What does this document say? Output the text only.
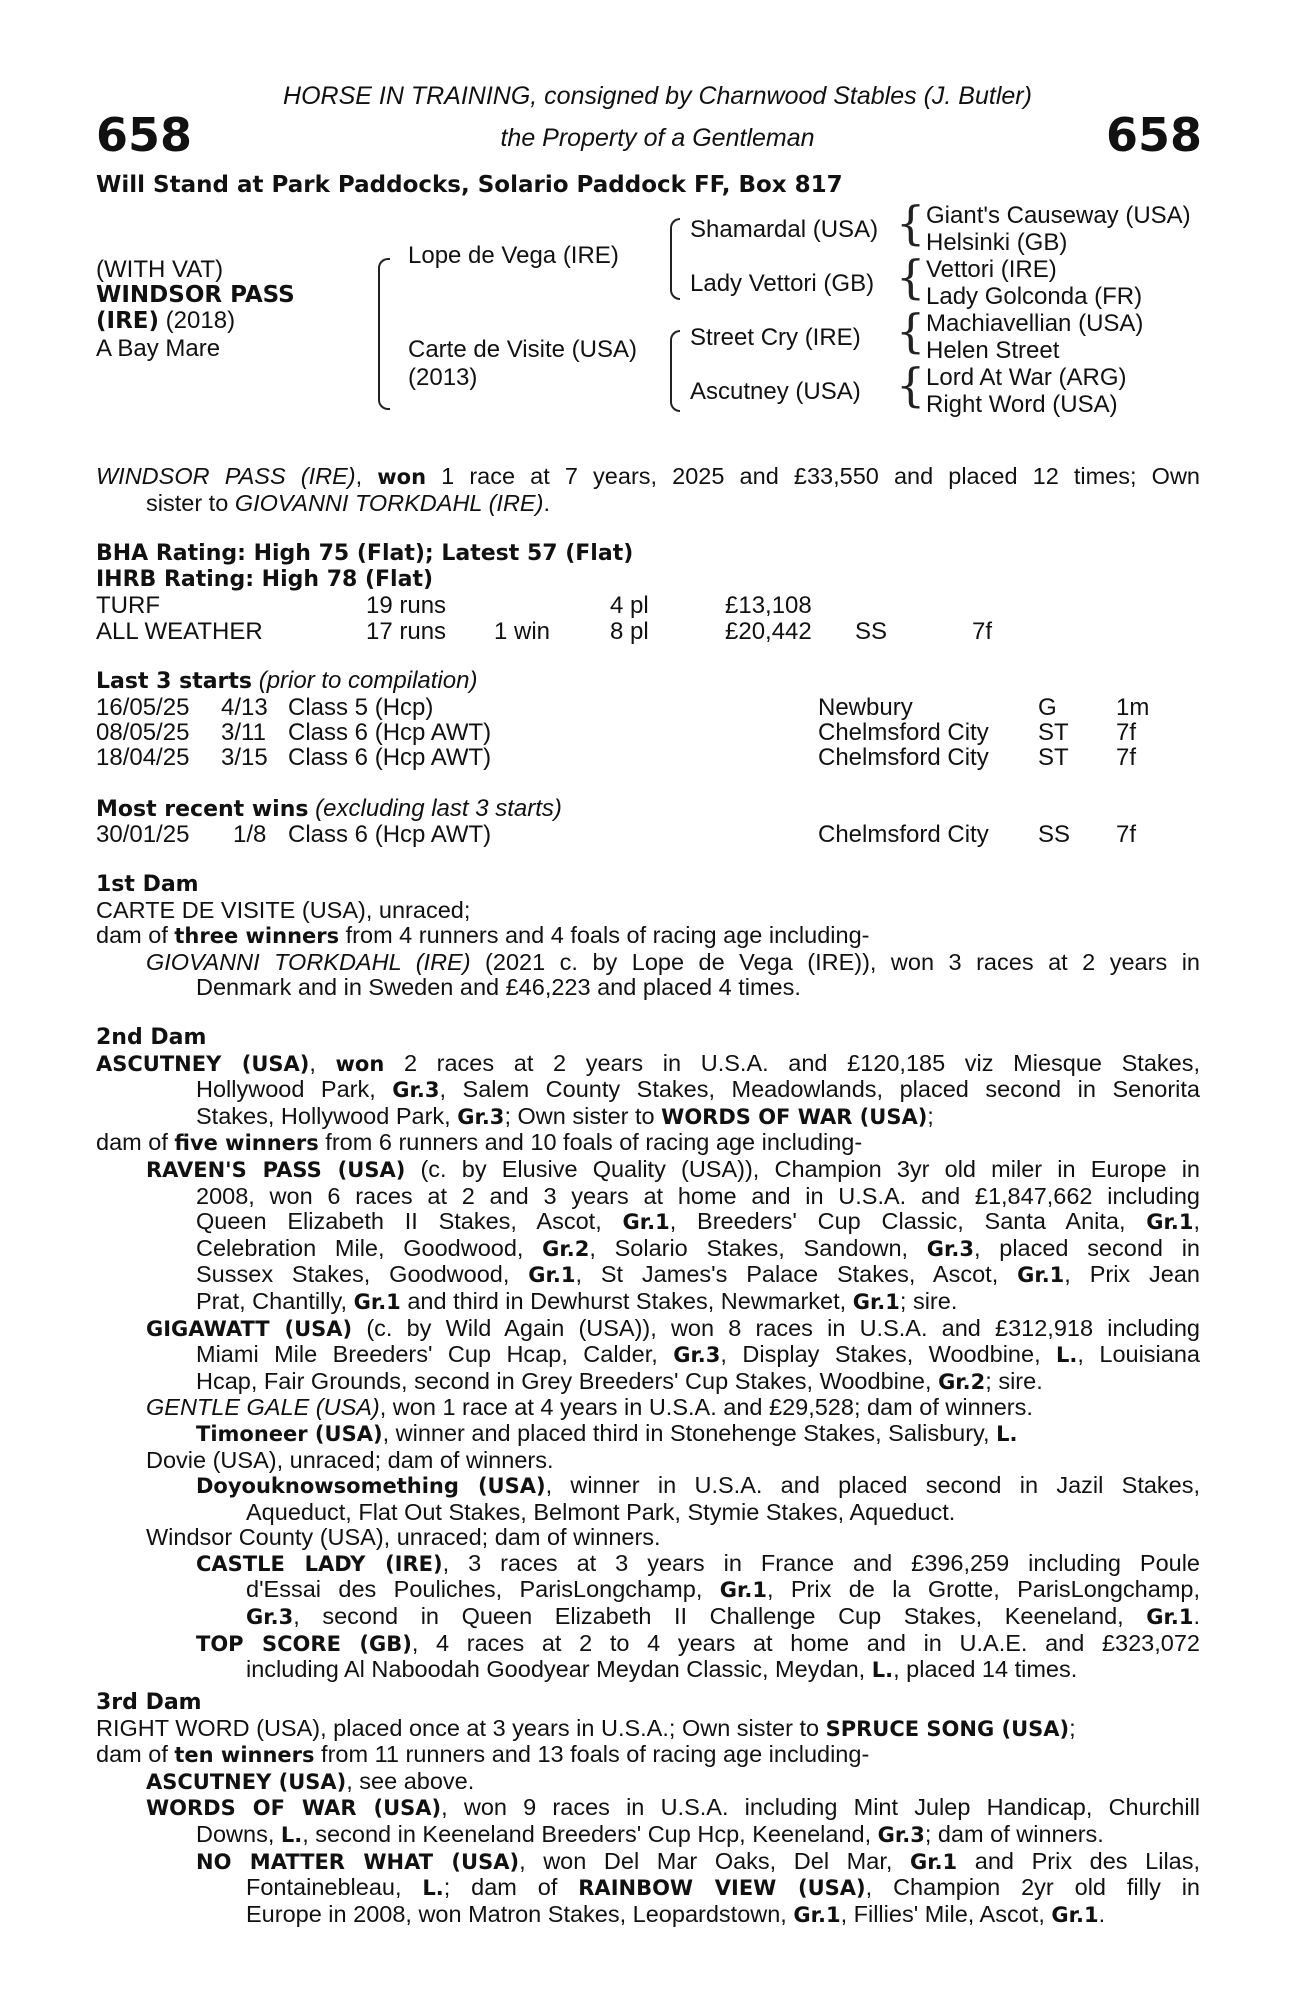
658	658
HORSE IN TRAINING, consigned by Charnwood Stables (J. Butler)
the Property of a Gentleman
Will Stand at Park Paddocks, Solario Paddock FF, Box 817
(WITH VAT)
WINDSOR PASS
(IRE) (2018)
A Bay Mare
Lope de Vega (IRE)
Carte de Visite (USA)
(2013)
Shamardal (USA)
Lady Vettori (GB)
Street Cry (IRE)
Ascutney (USA)
{
{
{
{
Giant's Causeway (USA)
Helsinki (GB)
Vettori (IRE)
Lady Golconda (FR)
Machiavellian (USA)
Helen Street
Lord At War (ARG)
Right Word (USA)
WINDSOR PASS (IRE), won 1 race at 7 years, 2025 and £33,550 and placed 12 times; Own
sister to GIOVANNI TORKDAHL (IRE).
BHA Rating: High 75 (Flat); Latest 57 (Flat)
IHRB Rating: High 78 (Flat)
TURF	19 runs	4 pl	£13,108
ALL WEATHER	17 runs 1 win 8 pl	£20,442 SS	7f
Last 3 starts (prior to compilation)
16/05/25 4/13 Class 5 (Hcp)	Newbury	G 1m
08/05/25 3/11 Class 6 (Hcp AWT)	Chelmsford City ST 7f
18/04/25 3/15 Class 6 (Hcp AWT)	Chelmsford City ST 7f
Most recent wins (excluding last 3 starts)
30/01/25 1/8 Class 6 (Hcp AWT)	Chelmsford City SS 7f
1st Dam
CARTE DE VISITE (USA), unraced;
dam of three winners from 4 runners and 4 foals of racing age including-
GIOVANNI TORKDAHL (IRE) (2021 c. by Lope de Vega (IRE)), won 3 races at 2 years in
Denmark and in Sweden and £46,223 and placed 4 times.
2nd Dam
ASCUTNEY (USA), won 2 races at 2 years in U.S.A. and £120,185 viz Miesque Stakes,
Hollywood Park, Gr.3, Salem County Stakes, Meadowlands, placed second in Senorita
Stakes, Hollywood Park, Gr.3; Own sister to WORDS OF WAR (USA);
dam of five winners from 6 runners and 10 foals of racing age including-
RAVEN'S PASS (USA) (c. by Elusive Quality (USA)), Champion 3yr old miler in Europe in
2008, won 6 races at 2 and 3 years at home and in U.S.A. and £1,847,662 including
Queen Elizabeth II Stakes, Ascot, Gr.1, Breeders' Cup Classic, Santa Anita, Gr.1,
Celebration Mile, Goodwood, Gr.2, Solario Stakes, Sandown, Gr.3, placed second in
Sussex Stakes, Goodwood, Gr.1, St James's Palace Stakes, Ascot, Gr.1, Prix Jean
Prat, Chantilly, Gr.1 and third in Dewhurst Stakes, Newmarket, Gr.1; sire.
GIGAWATT (USA) (c. by Wild Again (USA)), won 8 races in U.S.A. and £312,918 including
Miami Mile Breeders' Cup Hcap, Calder, Gr.3, Display Stakes, Woodbine, L., Louisiana
Hcap, Fair Grounds, second in Grey Breeders' Cup Stakes, Woodbine, Gr.2; sire.
GENTLE GALE (USA), won 1 race at 4 years in U.S.A. and £29,528; dam of winners.
Timoneer (USA), winner and placed third in Stonehenge Stakes, Salisbury, L.
Dovie (USA), unraced; dam of winners.
Doyouknowsomething (USA), winner in U.S.A. and placed second in Jazil Stakes,
Aqueduct, Flat Out Stakes, Belmont Park, Stymie Stakes, Aqueduct.
Windsor County (USA), unraced; dam of winners.
CASTLE LADY (IRE), 3 races at 3 years in France and £396,259 including Poule
d'Essai des Pouliches, ParisLongchamp, Gr.1, Prix de la Grotte, ParisLongchamp,
Gr.3, second in Queen Elizabeth II Challenge Cup Stakes, Keeneland, Gr.1.
TOP SCORE (GB), 4 races at 2 to 4 years at home and in U.A.E. and £323,072
including Al Naboodah Goodyear Meydan Classic, Meydan, L., placed 14 times.
3rd Dam
RIGHT WORD (USA), placed once at 3 years in U.S.A.; Own sister to SPRUCE SONG (USA);
dam of ten winners from 11 runners and 13 foals of racing age including-
ASCUTNEY (USA), see above.
WORDS OF WAR (USA), won 9 races in U.S.A. including Mint Julep Handicap, Churchill
Downs, L., second in Keeneland Breeders' Cup Hcp, Keeneland, Gr.3; dam of winners.
NO MATTER WHAT (USA), won Del Mar Oaks, Del Mar, Gr.1 and Prix des Lilas,
Fontainebleau, L.; dam of RAINBOW VIEW (USA), Champion 2yr old filly in
Europe in 2008, won Matron Stakes, Leopardstown, Gr.1, Fillies' Mile, Ascot, Gr.1.
